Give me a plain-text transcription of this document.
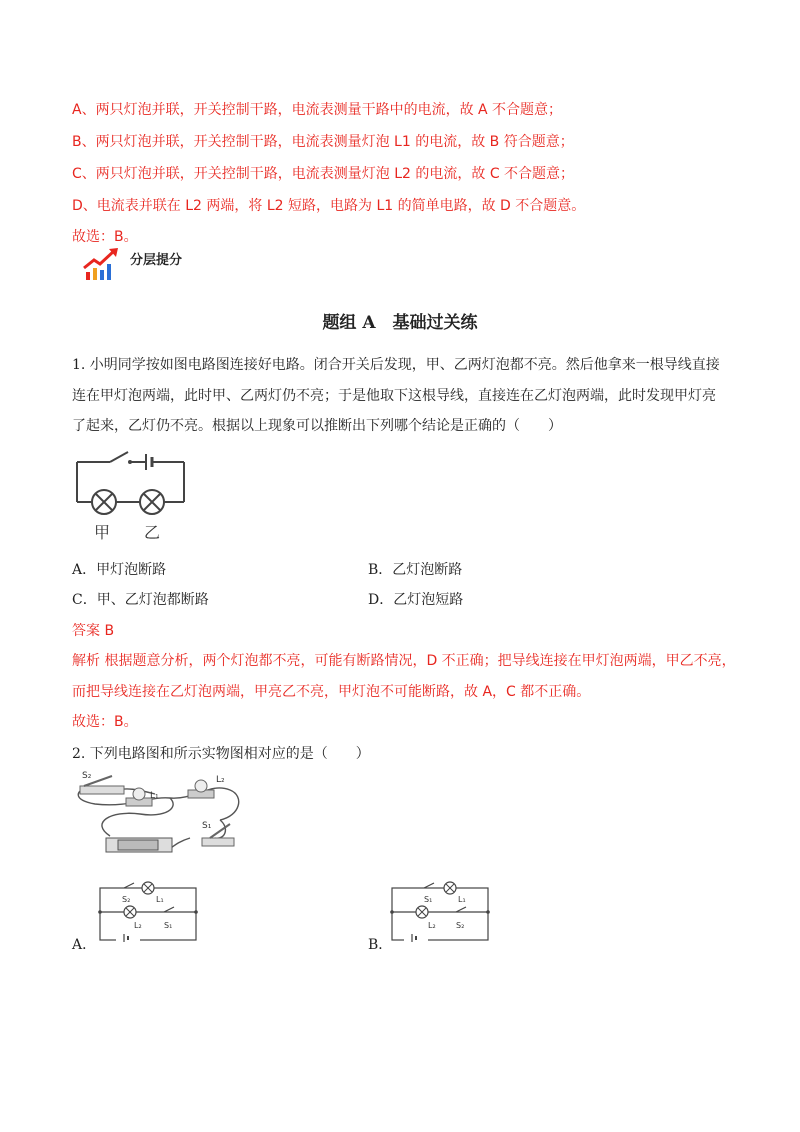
A、两只灯泡并联，开关控制干路，电流表测量干路中的电流，故 A 不合题意；
B、两只灯泡并联，开关控制干路，电流表测量灯泡 L1 的电流，故 B 符合题意；
C、两只灯泡并联，开关控制干路，电流表测量灯泡 L2 的电流，故 C 不合题意；
D、电流表并联在 L2 两端，将 L2 短路，电路为 L1 的简单电路，故 D 不合题意。
故选：B。
分层提分
题组 A　基础过关练
1. 小明同学按如图电路图连接好电路。闭合开关后发现，甲、乙两灯泡都不亮。然后他拿来一根导线直接
连在甲灯泡两端，此时甲、乙两灯仍不亮；于是他取下这根导线，直接连在乙灯泡两端，此时发现甲灯亮
了起来，乙灯仍不亮。根据以上现象可以推断出下列哪个结论是正确的（　　）
甲 乙
A．甲灯泡断路	B．乙灯泡断路
C．甲、乙灯泡都断路	D．乙灯泡短路
答案 B
解析 根据题意分析，两个灯泡都不亮，可能有断路情况，D 不正确；把导线连接在甲灯泡两端，甲乙不亮，
而把导线连接在乙灯泡两端，甲亮乙不亮，甲灯泡不可能断路，故 A，C 都不正确。
故选：B。
2. 下列电路图和所示实物图相对应的是（　　）
S₂
L₁
L₂
S₁
A．
S₂	L₁
L₂	S₁
B．
S₁	L₁
L₂	S₂
